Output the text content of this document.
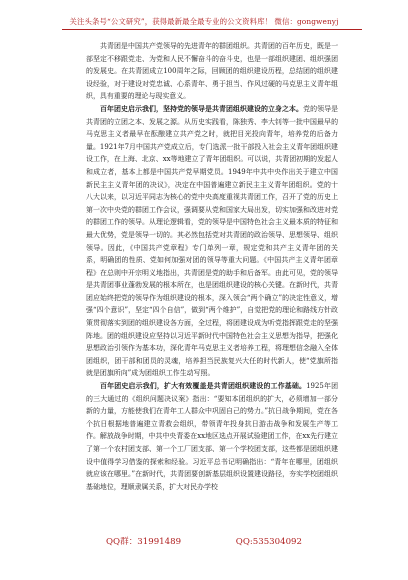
关注头条号“公文研究”，获得最新最全最专业的公文资料库！ 微信：gongwenyj

共青团是中国共产党领导的先进青年的群团组织。共青团的百年历史，既是一部坚定不移跟党走、为党和人民不懈奋斗的奋斗史，也是一部组织建团、组织强团的发展史。在共青团成立100周年之际，回顾团的组织建设历程，总结团的组织建设经验，对于建设对党忠诚、心系青年、勇于担当、作风过硬的马克思主义青年组织，具有重要的理论与现实意义。

百年团史启示我们，坚持党的领导是共青团组织建设的立身之本。党的领导是共青团的立团之本、发展之源。从历史实践看，陈独秀、李大钊等一批中国最早的马克思主义者最早在酝酿建立共产党之时，就把目光投向青年，培养党的后备力量。1921年7月中国共产党成立后，专门选派一批干部投入社会主义青年团组织建设工作，在上海、北京、xx等地建立了青年团组织。可以说，共青团初期的发起人和成立者，基本上都是中国共产党早期党员。1949年中共中央作出关于建立中国新民主主义青年团的决议》，决定在中国普遍建立新民主主义青年团组织。党的十八大以来，以习近平同志为核心的党中央高度重视共青团工作，召开了党的历史上第一次中央党的群团工作会议，强调要从党和国家大局出发，切实加强和改进对党的群团工作的领导。从理论逻辑看，党的领导是中国特色社会主义最本质的特征和最大优势，党是领导一切的。其必然包括党对共青团的政治领导、思想领导、组织领导。因此，《中国共产党章程》专门单列一章，规定党和共产主义青年团的关系，明确团的性质、党如何加强对团的领导等重大问题。《中国共产主义青年团章程》在总则中开宗明义地指出，共青团是党的助手和后备军。由此可见，党的领导是共青团事业蓬勃发展的根本所在，也是团组织建设的核心关键。在新时代，共青团应始终把党的领导作为组织建设的根本，深入领会“两个确立”的决定性意义，增强“四个意识”，坚定“四个自信”，做到“两个维护”，自觉把党的理论和路线方针政策贯彻落实到团的组织建设各方面，全过程，将团建设成为听党指挥跟党走的坚强阵地。团的组织建设应坚持以习近平新时代中国特色社会主义思想为指导，把强化思想政治引领作为基本功，深化青年马克思主义者培养工程，将理想信念融入全体团组织，团干部和团员的灵魂，培养担当民族复兴大任的时代新人，使“党旗所指就是团旗所向”成为团组织工作生动写照。

百年团史启示我们，扩大有效覆盖是共青团组织建设的工作基础。1925年团的三大通过的《组织问题决议案》指出：“要知本团组织的扩大，必须增加一部分新的力量，方能使我们在青年工人群众中巩固自己的势力。”抗日战争期间，党在各个抗日根据地普遍建立青救会组织，带领青年投身抗日游击战争和发展生产等工作。解放战争时期，中共中央青委在xx地区选点开展试验建团工作，在xx先行建立了第一个农村团支部、第一个工厂团支部、第一个学校团支部，这些都是团组织建设中值得学习借鉴的探索和经验。习近平总书记明确指出：“青年在哪里，团组织就应该在哪里。”在新时代，共青团要创新基层组织设置建设路径，夯实学校团组织基础地位，理顺隶属关系，扩大对民办学校

QQ群：31991489	QQ:535304092
